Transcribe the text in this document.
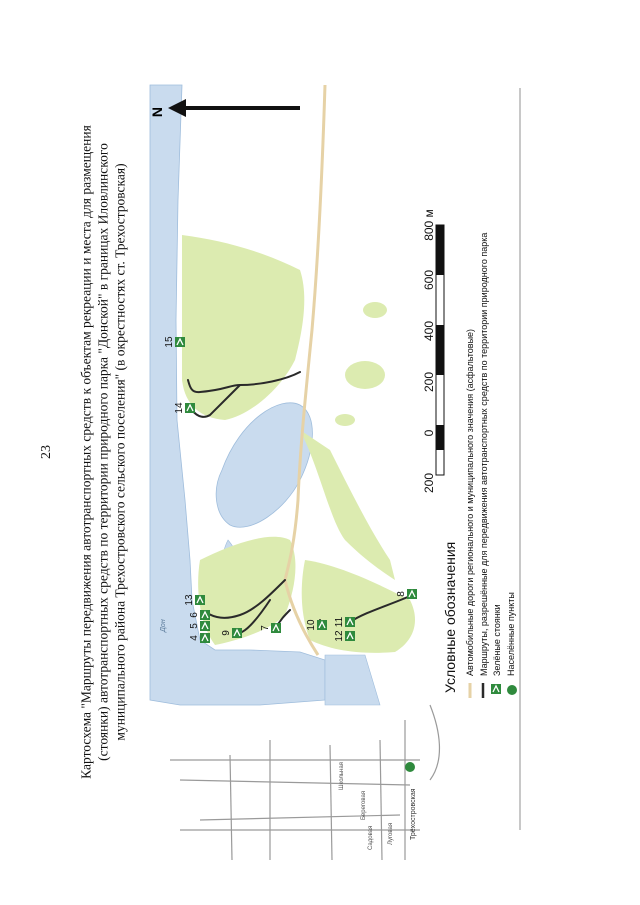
23 Картосхема "Маршруты передвижения автотранспортных средств к объектам рекреации и места для размещения (стоянки) автотранспортных средств по территории природного парка "Донской" в границах Иловлинского муниципального района Трехостровского сельского поселения" (в окрестностях ст. Трехостровская)
Школьная
Береговая
Садовая Луговая Трёхостровская
Дон
N
200
0
200
400
600
800 м
Условные обозначения Автомобильные дороги регионального и муниципального значения (асфальтовые) Маршруты, разрешённые для передвижения автотранспортных средств по территории природного парка Зелёные стоянки Населённые пункты
4
5
6
13
9
7	10
12
11
8
14
15
